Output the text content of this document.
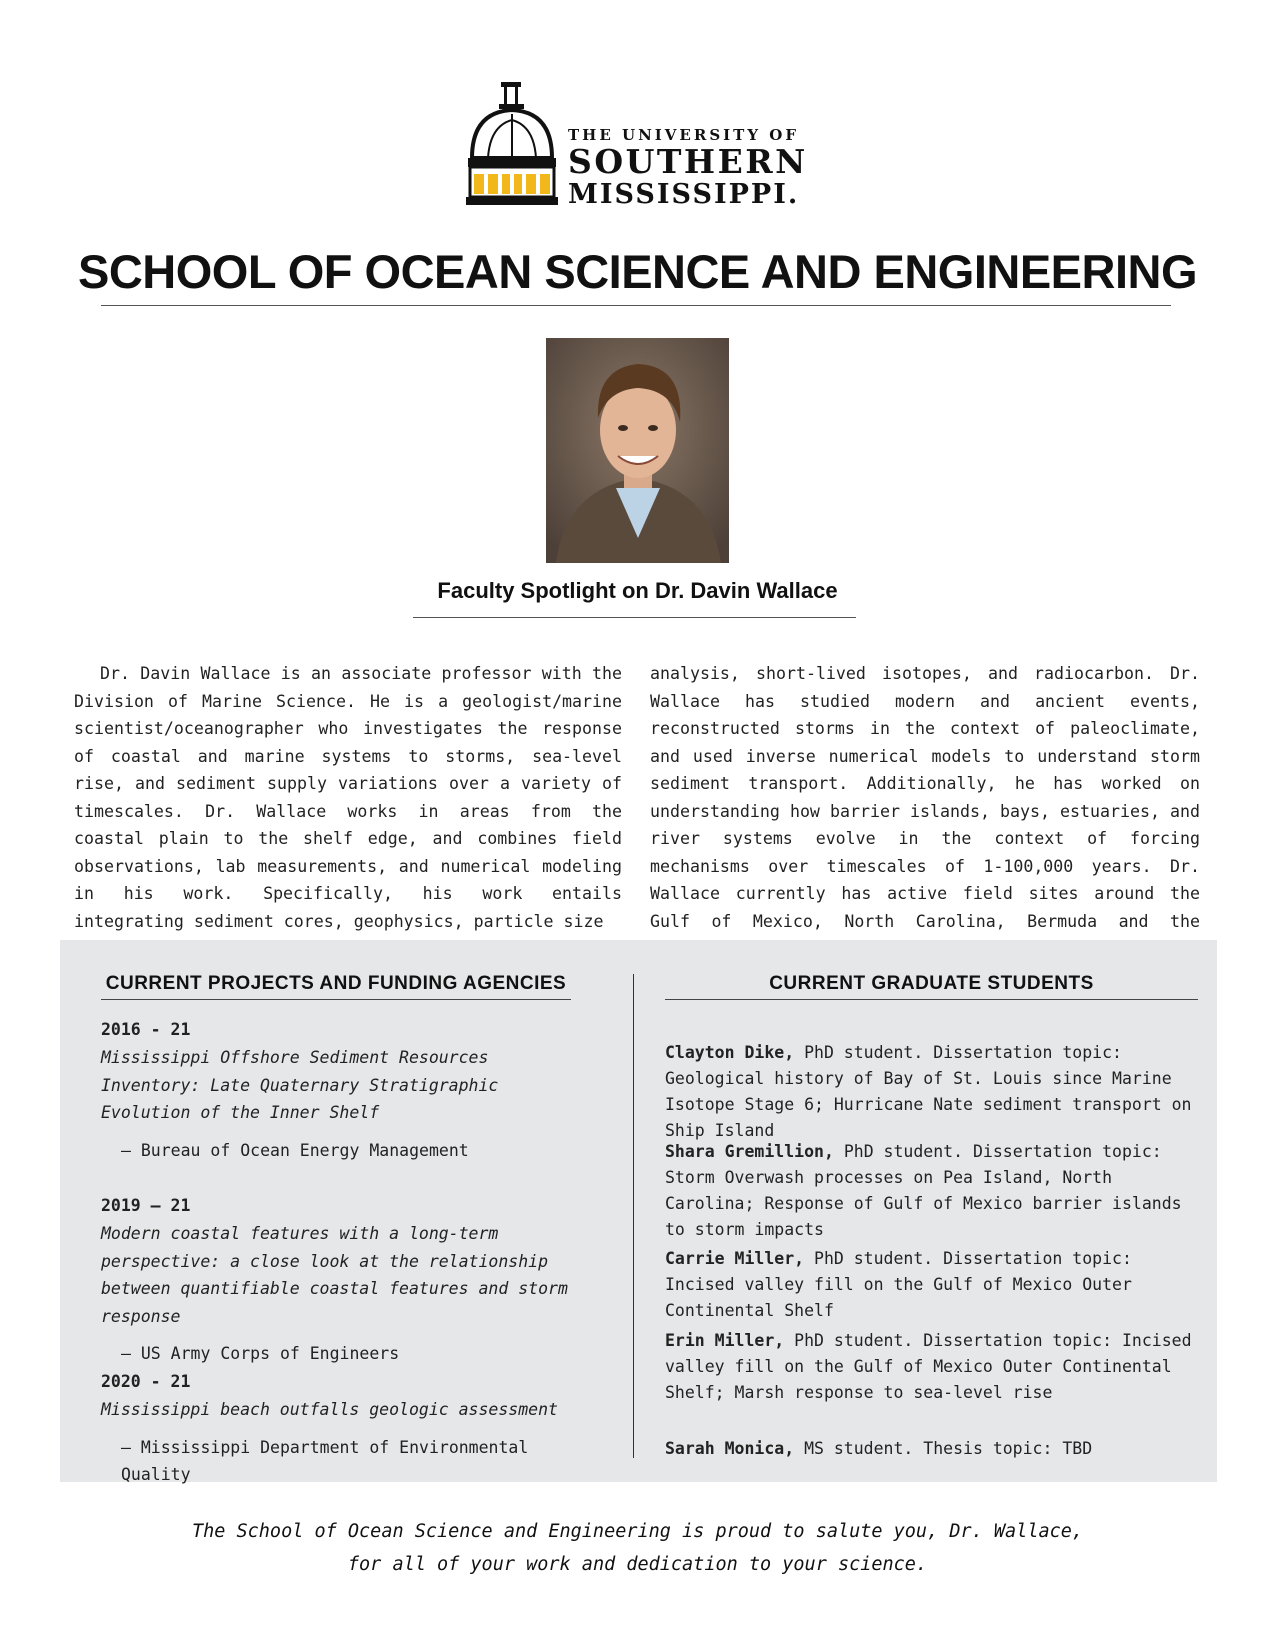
THE UNIVERSITY OF
SOUTHERN
MISSISSIPPI.
SCHOOL OF OCEAN SCIENCE AND ENGINEERING
Faculty Spotlight on Dr. Davin Wallace

Dr. Davin Wallace is an associate professor with the Division of Marine Science. He is a geologist/marine scientist/oceanographer who investigates the response of coastal and marine systems to storms, sea-level rise, and sediment supply variations over a variety of timescales. Dr. Wallace works in areas from the coastal plain to the shelf edge, and combines field observations, lab measurements, and numerical modeling in his work. Specifically, his work entails integrating sediment cores, geophysics, particle size

analysis, short-lived isotopes, and radiocarbon. Dr. Wallace has studied modern and ancient events, reconstructed storms in the context of paleoclimate, and used inverse numerical models to understand storm sediment transport. Additionally, he has worked on understanding how barrier islands, bays, estuaries, and river systems evolve in the context of forcing mechanisms over timescales of 1-100,000 years. Dr. Wallace currently has active field sites around the Gulf of Mexico, North Carolina, Bermuda and the

CURRENT PROJECTS AND FUNDING AGENCIES	CURRENT GRADUATE STUDENTS
2016 - 21
Mississippi Offshore Sediment Resources Inventory: Late Quaternary Stratigraphic Evolution of the Inner Shelf
– Bureau of Ocean Energy Management
2019 – 21
Modern coastal features with a long-term perspective: a close look at the relationship between quantifiable coastal features and storm response
– US Army Corps of Engineers
2020 - 21
Mississippi beach outfalls geologic assessment
– Mississippi Department of Environmental Quality
Clayton Dike, PhD student. Dissertation topic: Geological history of Bay of St. Louis since Marine Isotope Stage 6; Hurricane Nate sediment transport on Ship Island
Shara Gremillion, PhD student. Dissertation topic: Storm Overwash processes on Pea Island, North Carolina; Response of Gulf of Mexico barrier islands to storm impacts
Carrie Miller, PhD student. Dissertation topic: Incised valley fill on the Gulf of Mexico Outer Continental Shelf
Erin Miller, PhD student. Dissertation topic: Incised valley fill on the Gulf of Mexico Outer Continental Shelf; Marsh response to sea-level rise
Sarah Monica, MS student. Thesis topic: TBD
The School of Ocean Science and Engineering is proud to salute you, Dr. Wallace,
for all of your work and dedication to your science.
